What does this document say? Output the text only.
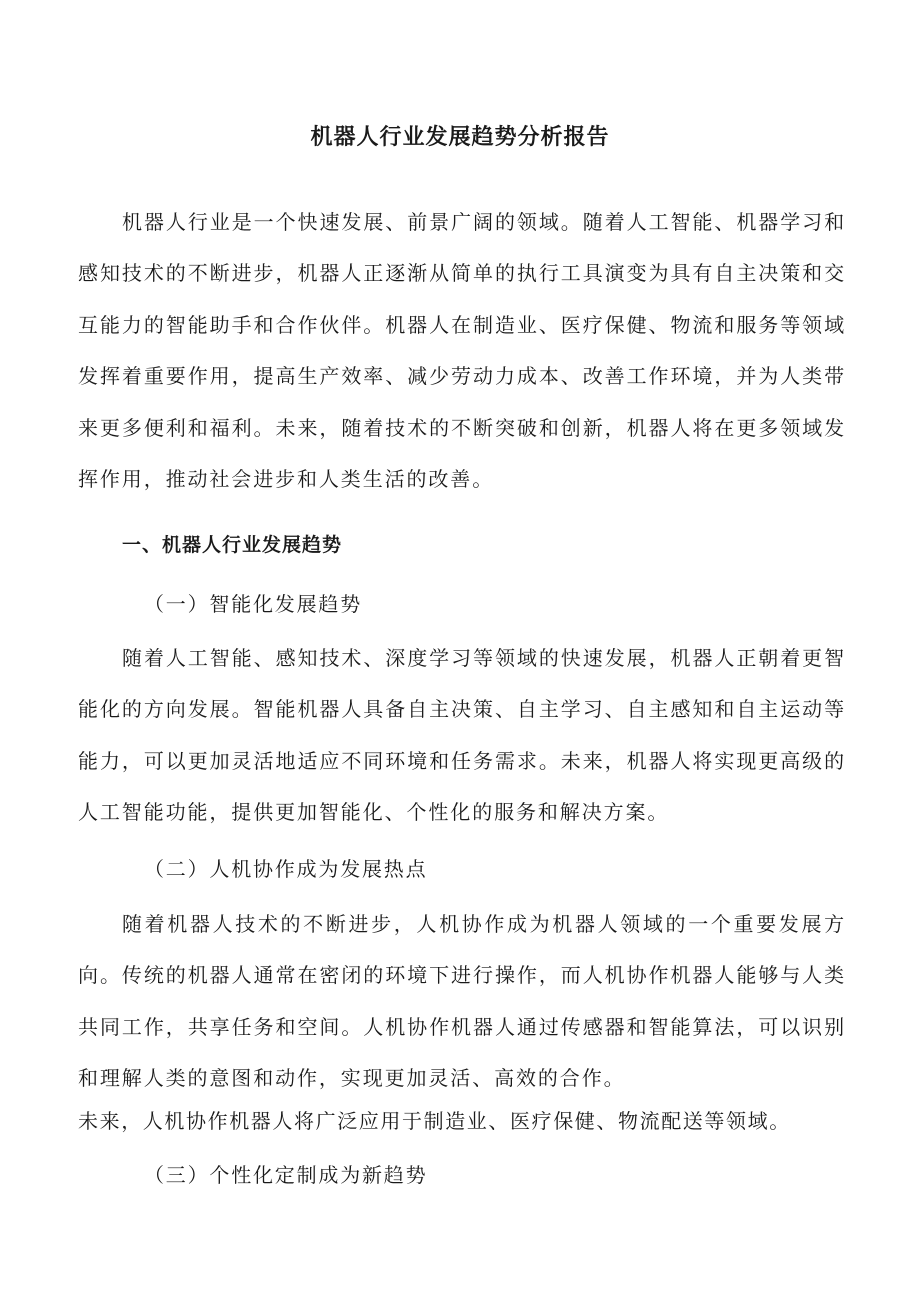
机器人行业发展趋势分析报告

机器人行业是一个快速发展、前景广阔的领域。随着人工智能、机器学习和感知技术的不断进步，机器人正逐渐从简单的执行工具演变为具有自主决策和交互能力的智能助手和合作伙伴。机器人在制造业、医疗保健、物流和服务等领域发挥着重要作用，提高生产效率、减少劳动力成本、改善工作环境，并为人类带来更多便利和福利。未来，随着技术的不断突破和创新，机器人将在更多领域发挥作用，推动社会进步和人类生活的改善。

一、机器人行业发展趋势
（一）智能化发展趋势

随着人工智能、感知技术、深度学习等领域的快速发展，机器人正朝着更智能化的方向发展。智能机器人具备自主决策、自主学习、自主感知和自主运动等能力，可以更加灵活地适应不同环境和任务需求。未来，机器人将实现更高级的人工智能功能，提供更加智能化、个性化的服务和解决方案。

（二）人机协作成为发展热点

随着机器人技术的不断进步，人机协作成为机器人领域的一个重要发展方向。传统的机器人通常在密闭的环境下进行操作，而人机协作机器人能够与人类共同工作，共享任务和空间。人机协作机器人通过传感器和智能算法，可以识别和理解人类的意图和动作，实现更加灵活、高效的合作。

未来，人机协作机器人将广泛应用于制造业、医疗保健、物流配送等领域。

（三）个性化定制成为新趋势
